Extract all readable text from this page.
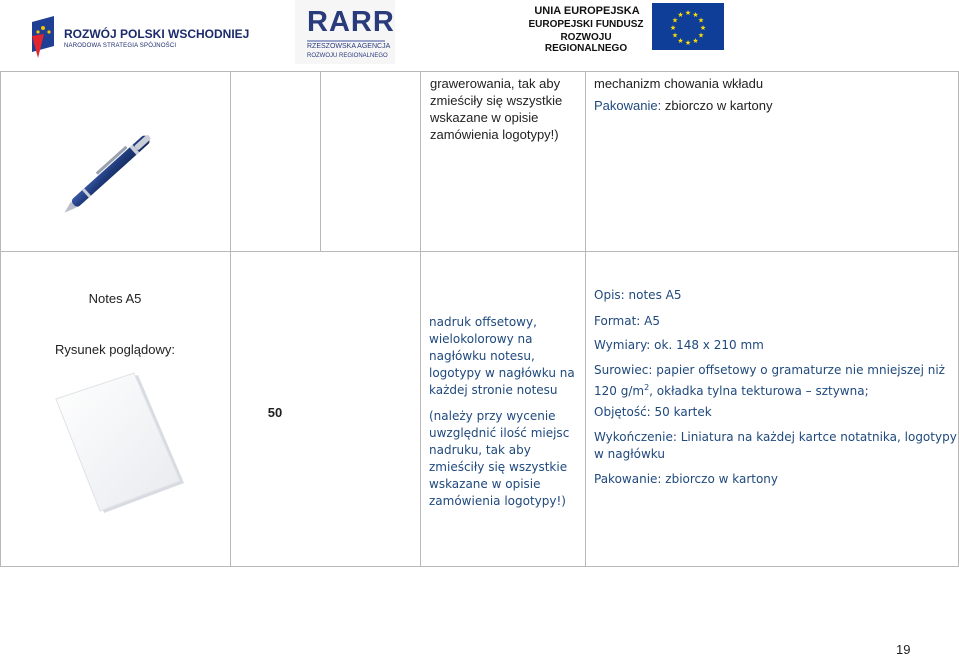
ROZWÓJ POLSKI WSCHODNIEJ
NARODOWA STRATEGIA SPÓJNOŚCI
RARR
RZESZOWSKA AGENCJA
ROZWOJU REGIONALNEGO
UNIA EUROPEJSKA
EUROPEJSKI FUNDUSZ
ROZWOJU REGIONALNEGO
★
★
★
★
★
★
★
★
★ ★ ★
★
grawerowania, tak aby
zmieściły się wszystkie
wskazane w opisie
zamówienia logotypy!)
mechanizm chowania wkładu
Pakowanie: zbiorczo w kartony
Notes A5
Rysunek poglądowy:
50
nadruk offsetowy,
wielokolorowy na
nagłówku notesu,
logotypy w nagłówku na
każdej stronie notesu
(należy przy wycenie
uwzględnić ilość miejsc
nadruku, tak aby
zmieściły się wszystkie
wskazane w opisie
zamówienia logotypy!)
Opis: notes A5
Format: A5
Wymiary: ok. 148 x 210 mm
Surowiec: papier offsetowy o gramaturze nie mniejszej niż
120 $g/m^2$, okładka tylna tekturowa – sztywna;
Objętość: 50 kartek
Wykończenie: Liniatura na każdej kartce notatnika, logotypy
w nagłówku
Pakowanie: zbiorczo w kartony
19
